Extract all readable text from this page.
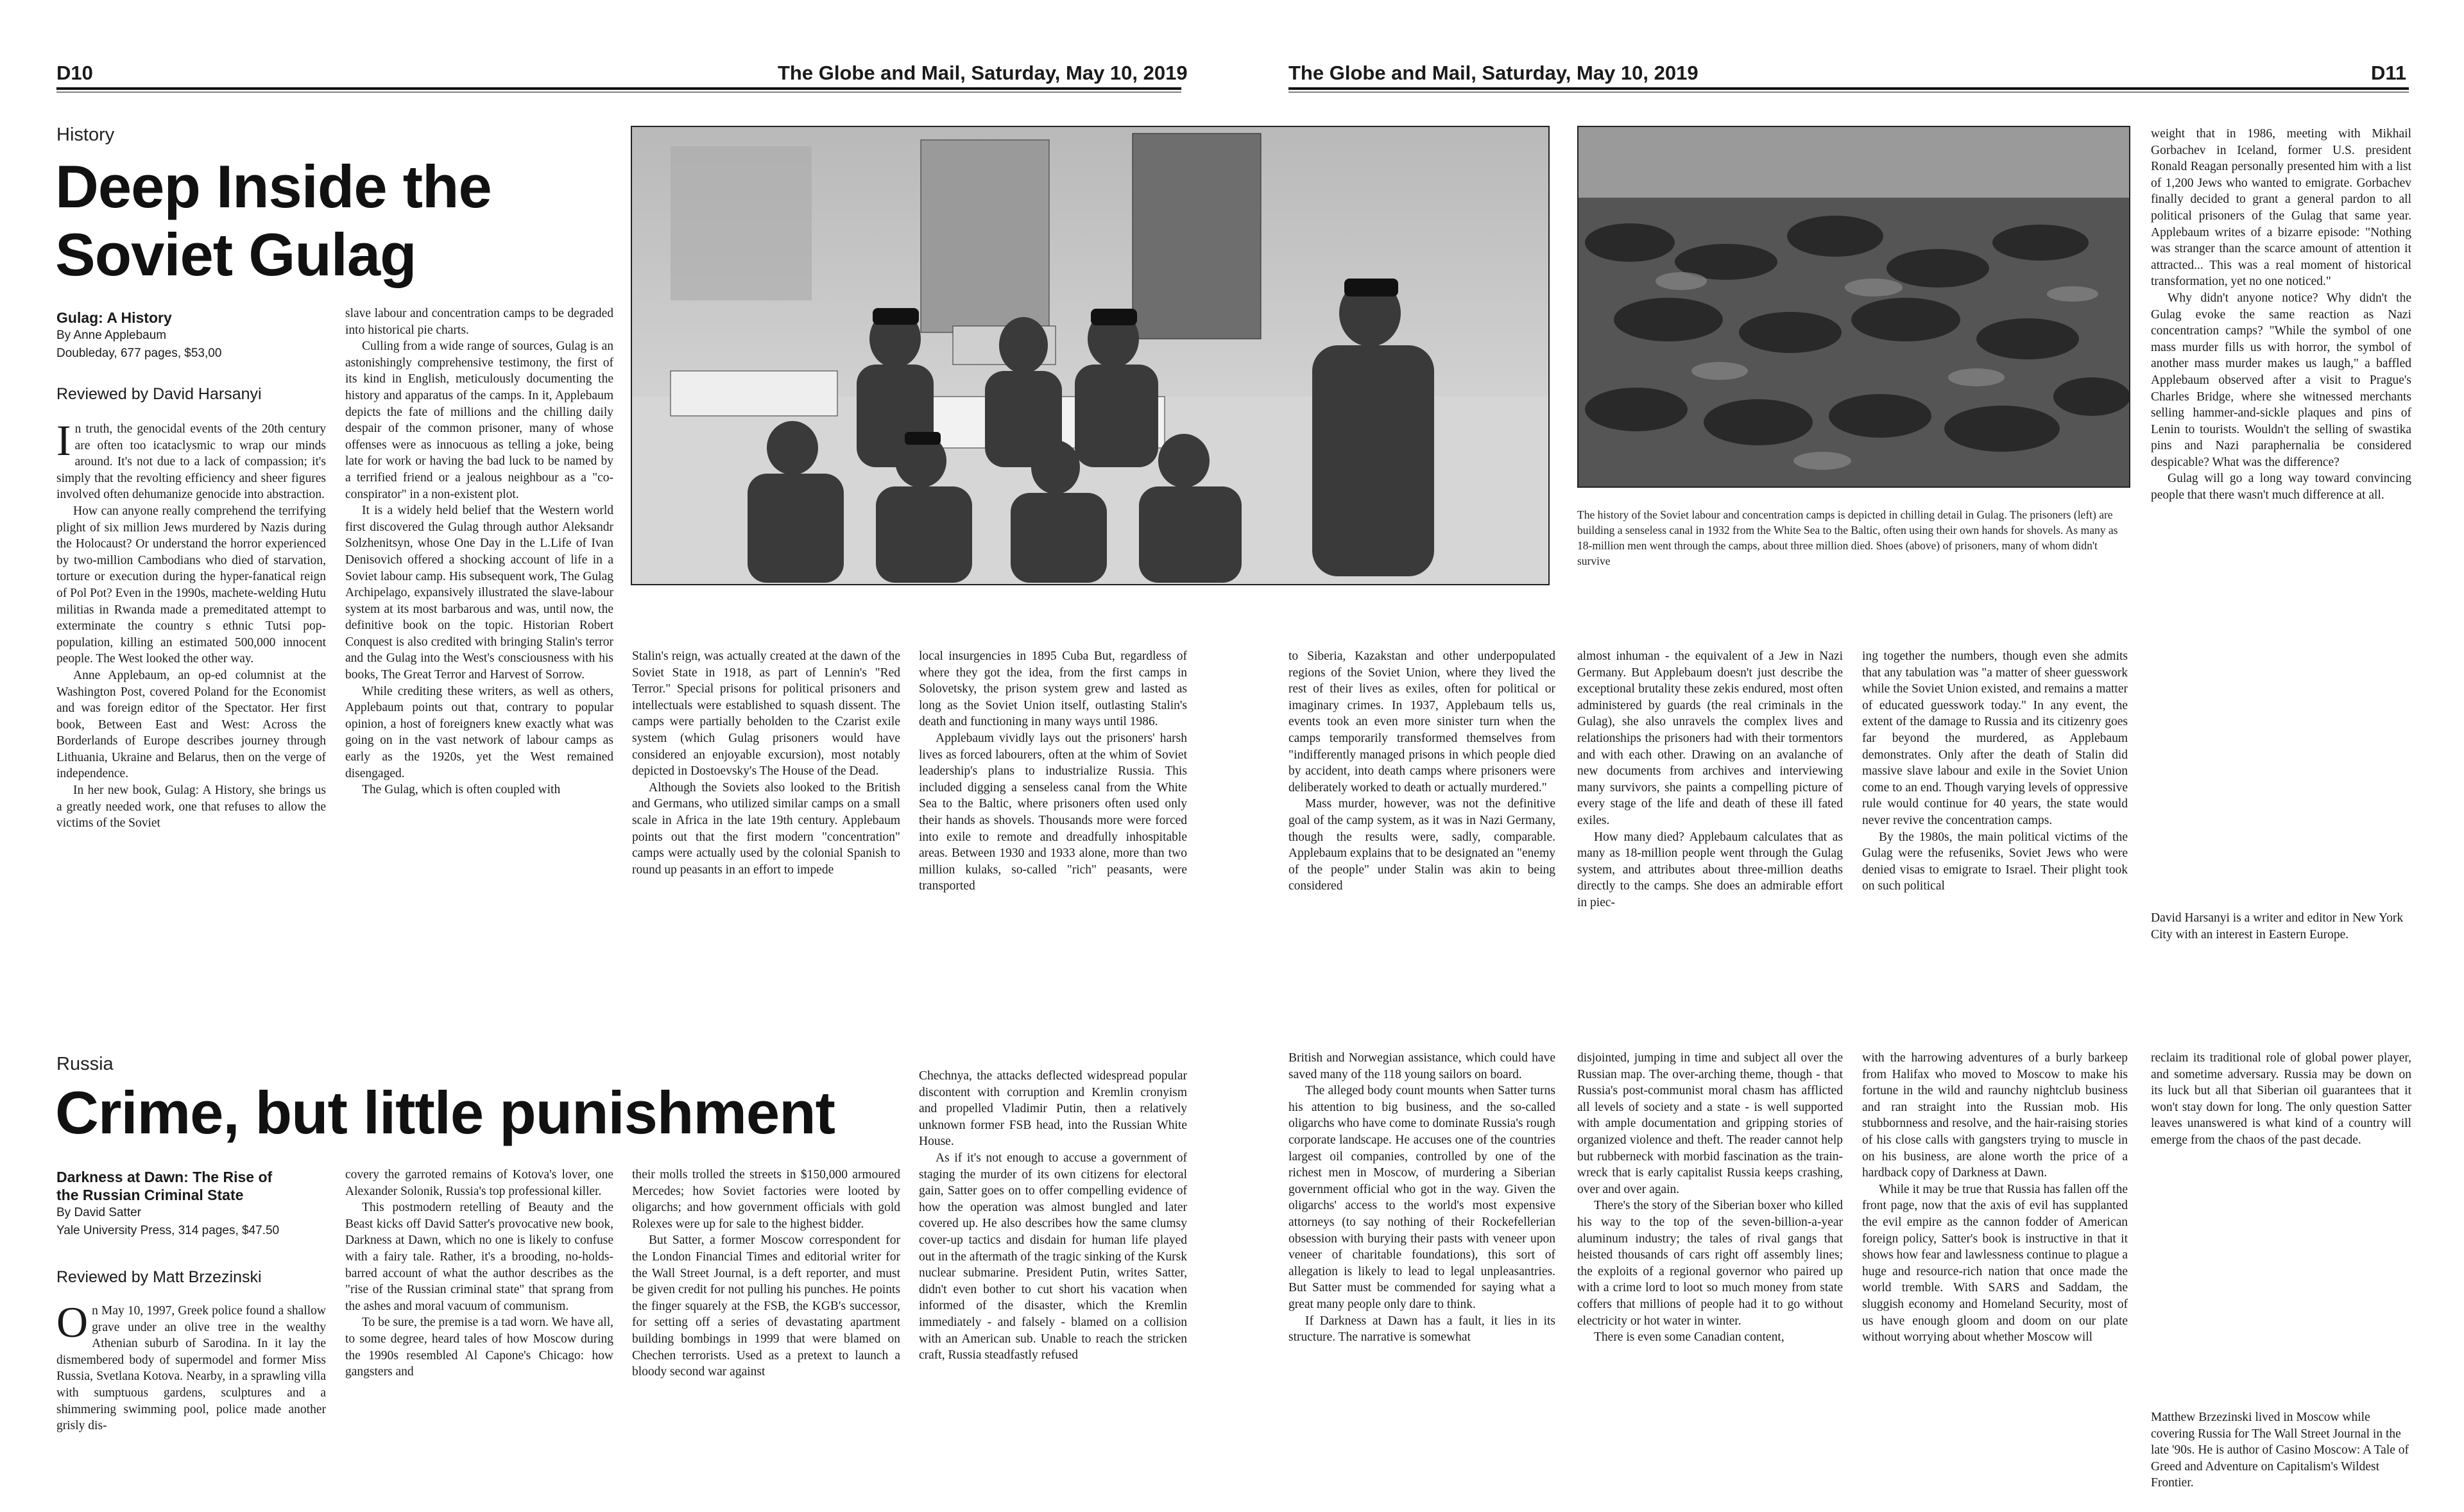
D10	The Globe and Mail, Saturday, May 10, 2019	The Globe and Mail, Saturday, May 10, 2019	D11
History
Deep Inside the
Soviet Gulag
Gulag: A History
By Anne Applebaum
Doubleday, 677 pages, $53,00
Reviewed by David Harsanyi
The history of the Soviet labour and concentration camps is depicted in chilling detail in Gulag. The prisoners (left) are building a senseless canal in 1932 from the White Sea to the Baltic, often using their own hands for shovels. As many as 18-million men went through the camps, about three million died. Shoes (above) of prisoners, many of whom didn't survive

In truth, the genocidal events of the 20th century are often too icataclysmic to wrap our minds around. It's not due to a lack of compassion; it's simply that the revolting efficiency and sheer figures involved often dehumanize genocide into abstraction.

How can anyone really comprehend the terrifying plight of six million Jews murdered by Nazis during the Holocaust? Or understand the horror experienced by two-million Cambodians who died of starvation, torture or execution during the hyper-fanatical reign of Pol Pot? Even in the 1990s, machete-welding Hutu militias in Rwanda made a premeditated attempt to exterminate the country s ethnic Tutsi pop-population, killing an estimated 500,000 innocent people. The West looked the other way.

Anne Applebaum, an op-ed columnist at the Washington Post, covered Poland for the Economist and was foreign editor of the Spectator. Her first book, Between East and West: Across the Borderlands of Europe describes journey through Lithuania, Ukraine and Belarus, then on the verge of independence.

In her new book, Gulag: A History, she brings us a greatly needed work, one that refuses to allow the victims of the Soviet

slave labour and concentration camps to be degraded into historical pie charts.

Culling from a wide range of sources, Gulag is an astonishingly comprehensive testimony, the first of its kind in English, meticulously documenting the history and apparatus of the camps. In it, Applebaum depicts the fate of millions and the chilling daily despair of the common prisoner, many of whose offenses were as innocuous as telling a joke, being late for work or having the bad luck to be named by a terrified friend or a jealous neighbour as a "co-conspirator" in a non-existent plot.

It is a widely held belief that the Western world first discovered the Gulag through author Aleksandr Solzhenitsyn, whose One Day in the L.Life of Ivan Denisovich offered a shocking account of life in a Soviet labour camp. His subsequent work, The Gulag Archipelago, expansively illustrated the slave-labour system at its most barbarous and was, until now, the definitive book on the topic. Historian Robert Conquest is also credited with bringing Stalin's terror and the Gulag into the West's consciousness with his books, The Great Terror and Harvest of Sorrow.

While crediting these writers, as well as others, Applebaum points out that, contrary to popular opinion, a host of foreigners knew exactly what was going on in the vast network of labour camps as early as the 1920s, yet the West remained disengaged.

The Gulag, which is often coupled with

Stalin's reign, was actually created at the dawn of the Soviet State in 1918, as part of Lennin's "Red Terror." Special prisons for political prisoners and intellectuals were established to squash dissent. The camps were partially beholden to the Czarist exile system (which Gulag prisoners would have considered an enjoyable excursion), most notably depicted in Dostoevsky's The House of the Dead.

Although the Soviets also looked to the British and Germans, who utilized similar camps on a small scale in Africa in the late 19th century. Applebaum points out that the first modern "concentration" camps were actually used by the colonial Spanish to round up peasants in an effort to impede

local insurgencies in 1895 Cuba But, regardless of where they got the idea, from the first camps in Solovetsky, the prison system grew and lasted as long as the Soviet Union itself, outlasting Stalin's death and functioning in many ways until 1986.

Applebaum vividly lays out the prisoners' harsh lives as forced labourers, often at the whim of Soviet leadership's plans to industrialize Russia. This included digging a senseless canal from the White Sea to the Baltic, where prisoners often used only their hands as shovels. Thousands more were forced into exile to remote and dreadfully inhospitable areas. Between 1930 and 1933 alone, more than two million kulaks, so-called "rich" peasants, were transported

to Siberia, Kazakstan and other underpopulated regions of the Soviet Union, where they lived the rest of their lives as exiles, often for political or imaginary crimes. In 1937, Applebaum tells us, events took an even more sinister turn when the camps temporarily transformed themselves from "indifferently managed prisons in which people died by accident, into death camps where prisoners were deliberately worked to death or actually murdered."

Mass murder, however, was not the definitive goal of the camp system, as it was in Nazi Germany, though the results were, sadly, comparable. Applebaum explains that to be designated an "enemy of the people" under Stalin was akin to being considered

almost inhuman - the equivalent of a Jew in Nazi Germany. But Applebaum doesn't just describe the exceptional brutality these zekis endured, most often administered by guards (the real criminals in the Gulag), she also unravels the complex lives and relationships the prisoners had with their tormentors and with each other. Drawing on an avalanche of new documents from archives and interviewing many survivors, she paints a compelling picture of every stage of the life and death of these ill fated exiles.

How many died? Applebaum calculates that as many as 18-million people went through the Gulag system, and attributes about three-million deaths directly to the camps. She does an admirable effort in piec-

ing together the numbers, though even she admits that any tabulation was "a matter of sheer guesswork while the Soviet Union existed, and remains a matter of educated guesswork today." In any event, the extent of the damage to Russia and its citizenry goes far beyond the murdered, as Applebaum demonstrates. Only after the death of Stalin did massive slave labour and exile in the Soviet Union come to an end. Though varying levels of oppressive rule would continue for 40 years, the state would never revive the concentration camps.

By the 1980s, the main political victims of the Gulag were the refuseniks, Soviet Jews who were denied visas to emigrate to Israel. Their plight took on such political

weight that in 1986, meeting with Mikhail Gorbachev in Iceland, former U.S. president Ronald Reagan personally presented him with a list of 1,200 Jews who wanted to emigrate. Gorbachev finally decided to grant a general pardon to all political prisoners of the Gulag that same year. Applebaum writes of a bizarre episode: "Nothing was stranger than the scarce amount of attention it attracted... This was a real moment of historical transformation, yet no one noticed."

Why didn't anyone notice? Why didn't the Gulag evoke the same reaction as Nazi concentration camps? "While the symbol of one mass murder fills us with horror, the symbol of another mass murder makes us laugh," a baffled Applebaum observed after a visit to Prague's Charles Bridge, where she witnessed merchants selling hammer-and-sickle plaques and pins of Lenin to tourists. Wouldn't the selling of swastika pins and Nazi paraphernalia be considered despicable? What was the difference?

Gulag will go a long way toward convincing people that there wasn't much difference at all.

David Harsanyi is a writer and editor in New York City with an interest in Eastern Europe.
Russia
Crime, but little punishment
Darkness at Dawn: The Rise of
the Russian Criminal State
By David Satter
Yale University Press, 314 pages, $47.50
Reviewed by Matt Brzezinski

On May 10, 1997, Greek police found a shallow grave under an olive tree in the wealthy Athenian suburb of Sarodina. In it lay the dismembered body of supermodel and former Miss Russia, Svetlana Kotova. Nearby, in a sprawling villa with sumptuous gardens, sculptures and a shimmering swimming pool, police made another grisly dis-

covery the garroted remains of Kotova's lover, one Alexander Solonik, Russia's top professional killer.

This postmodern retelling of Beauty and the Beast kicks off David Satter's provocative new book, Darkness at Dawn, which no one is likely to confuse with a fairy tale. Rather, it's a brooding, no-holds-barred account of what the author describes as the "rise of the Russian criminal state" that sprang from the ashes and moral vacuum of communism.

To be sure, the premise is a tad worn. We have all, to some degree, heard tales of how Moscow during the 1990s resembled Al Capone's Chicago: how gangsters and

their molls trolled the streets in $150,000 armoured Mercedes; how Soviet factories were looted by oligarchs; and how government officials with gold Rolexes were up for sale to the highest bidder.

But Satter, a former Moscow correspondent for the London Financial Times and editorial writer for the Wall Street Journal, is a deft reporter, and must be given credit for not pulling his punches. He points the finger squarely at the FSB, the KGB's successor, for setting off a series of devastating apartment building bombings in 1999 that were blamed on Chechen terrorists. Used as a pretext to launch a bloody second war against

Chechnya, the attacks deflected widespread popular discontent with corruption and Kremlin cronyism and propelled Vladimir Putin, then a relatively unknown former FSB head, into the Russian White House.

As if it's not enough to accuse a government of staging the murder of its own citizens for electoral gain, Satter goes on to offer compelling evidence of how the operation was almost bungled and later covered up. He also describes how the same clumsy cover-up tactics and disdain for human life played out in the aftermath of the tragic sinking of the Kursk nuclear submarine. President Putin, writes Satter, didn't even bother to cut short his vacation when informed of the disaster, which the Kremlin immediately - and falsely - blamed on a collision with an American sub. Unable to reach the stricken craft, Russia steadfastly refused

British and Norwegian assistance, which could have saved many of the 118 young sailors on board.

The alleged body count mounts when Satter turns his attention to big business, and the so-called oligarchs who have come to dominate Russia's rough corporate landscape. He accuses one of the countries largest oil companies, controlled by one of the richest men in Moscow, of murdering a Siberian government official who got in the way. Given the oligarchs' access to the world's most expensive attorneys (to say nothing of their Rockefellerian obsession with burying their pasts with veneer upon veneer of charitable foundations), this sort of allegation is likely to lead to legal unpleasantries. But Satter must be commended for saying what a great many people only dare to think.

If Darkness at Dawn has a fault, it lies in its structure. The narrative is somewhat

disjointed, jumping in time and subject all over the Russian map. The over-arching theme, though - that Russia's post-communist moral chasm has afflicted all levels of society and a state - is well supported with ample documentation and gripping stories of organized violence and theft. The reader cannot help but rubberneck with morbid fascination as the train-wreck that is early capitalist Russia keeps crashing, over and over again.

There's the story of the Siberian boxer who killed his way to the top of the seven-billion-a-year aluminum industry; the tales of rival gangs that heisted thousands of cars right off assembly lines; the exploits of a regional governor who paired up with a crime lord to loot so much money from state coffers that millions of people had it to go without electricity or hot water in winter.

There is even some Canadian content,

with the harrowing adventures of a burly barkeep from Halifax who moved to Moscow to make his fortune in the wild and raunchy nightclub business and ran straight into the Russian mob. His stubbornness and resolve, and the hair-raising stories of his close calls with gangsters trying to muscle in on his business, are alone worth the price of a hardback copy of Darkness at Dawn.

While it may be true that Russia has fallen off the front page, now that the axis of evil has supplanted the evil empire as the cannon fodder of American foreign policy, Satter's book is instructive in that it shows how fear and lawlessness continue to plague a huge and resource-rich nation that once made the world tremble. With SARS and Saddam, the sluggish economy and Homeland Security, most of us have enough gloom and doom on our plate without worrying about whether Moscow will

reclaim its traditional role of global power player, and sometime adversary. Russia may be down on its luck but all that Siberian oil guarantees that it won't stay down for long. The only question Satter leaves unanswered is what kind of a country will emerge from the chaos of the past decade.

Matthew Brzezinski lived in Moscow while covering Russia for The Wall Street Journal in the late '90s. He is author of Casino Moscow: A Tale of Greed and Adventure on Capitalism's Wildest Frontier.
